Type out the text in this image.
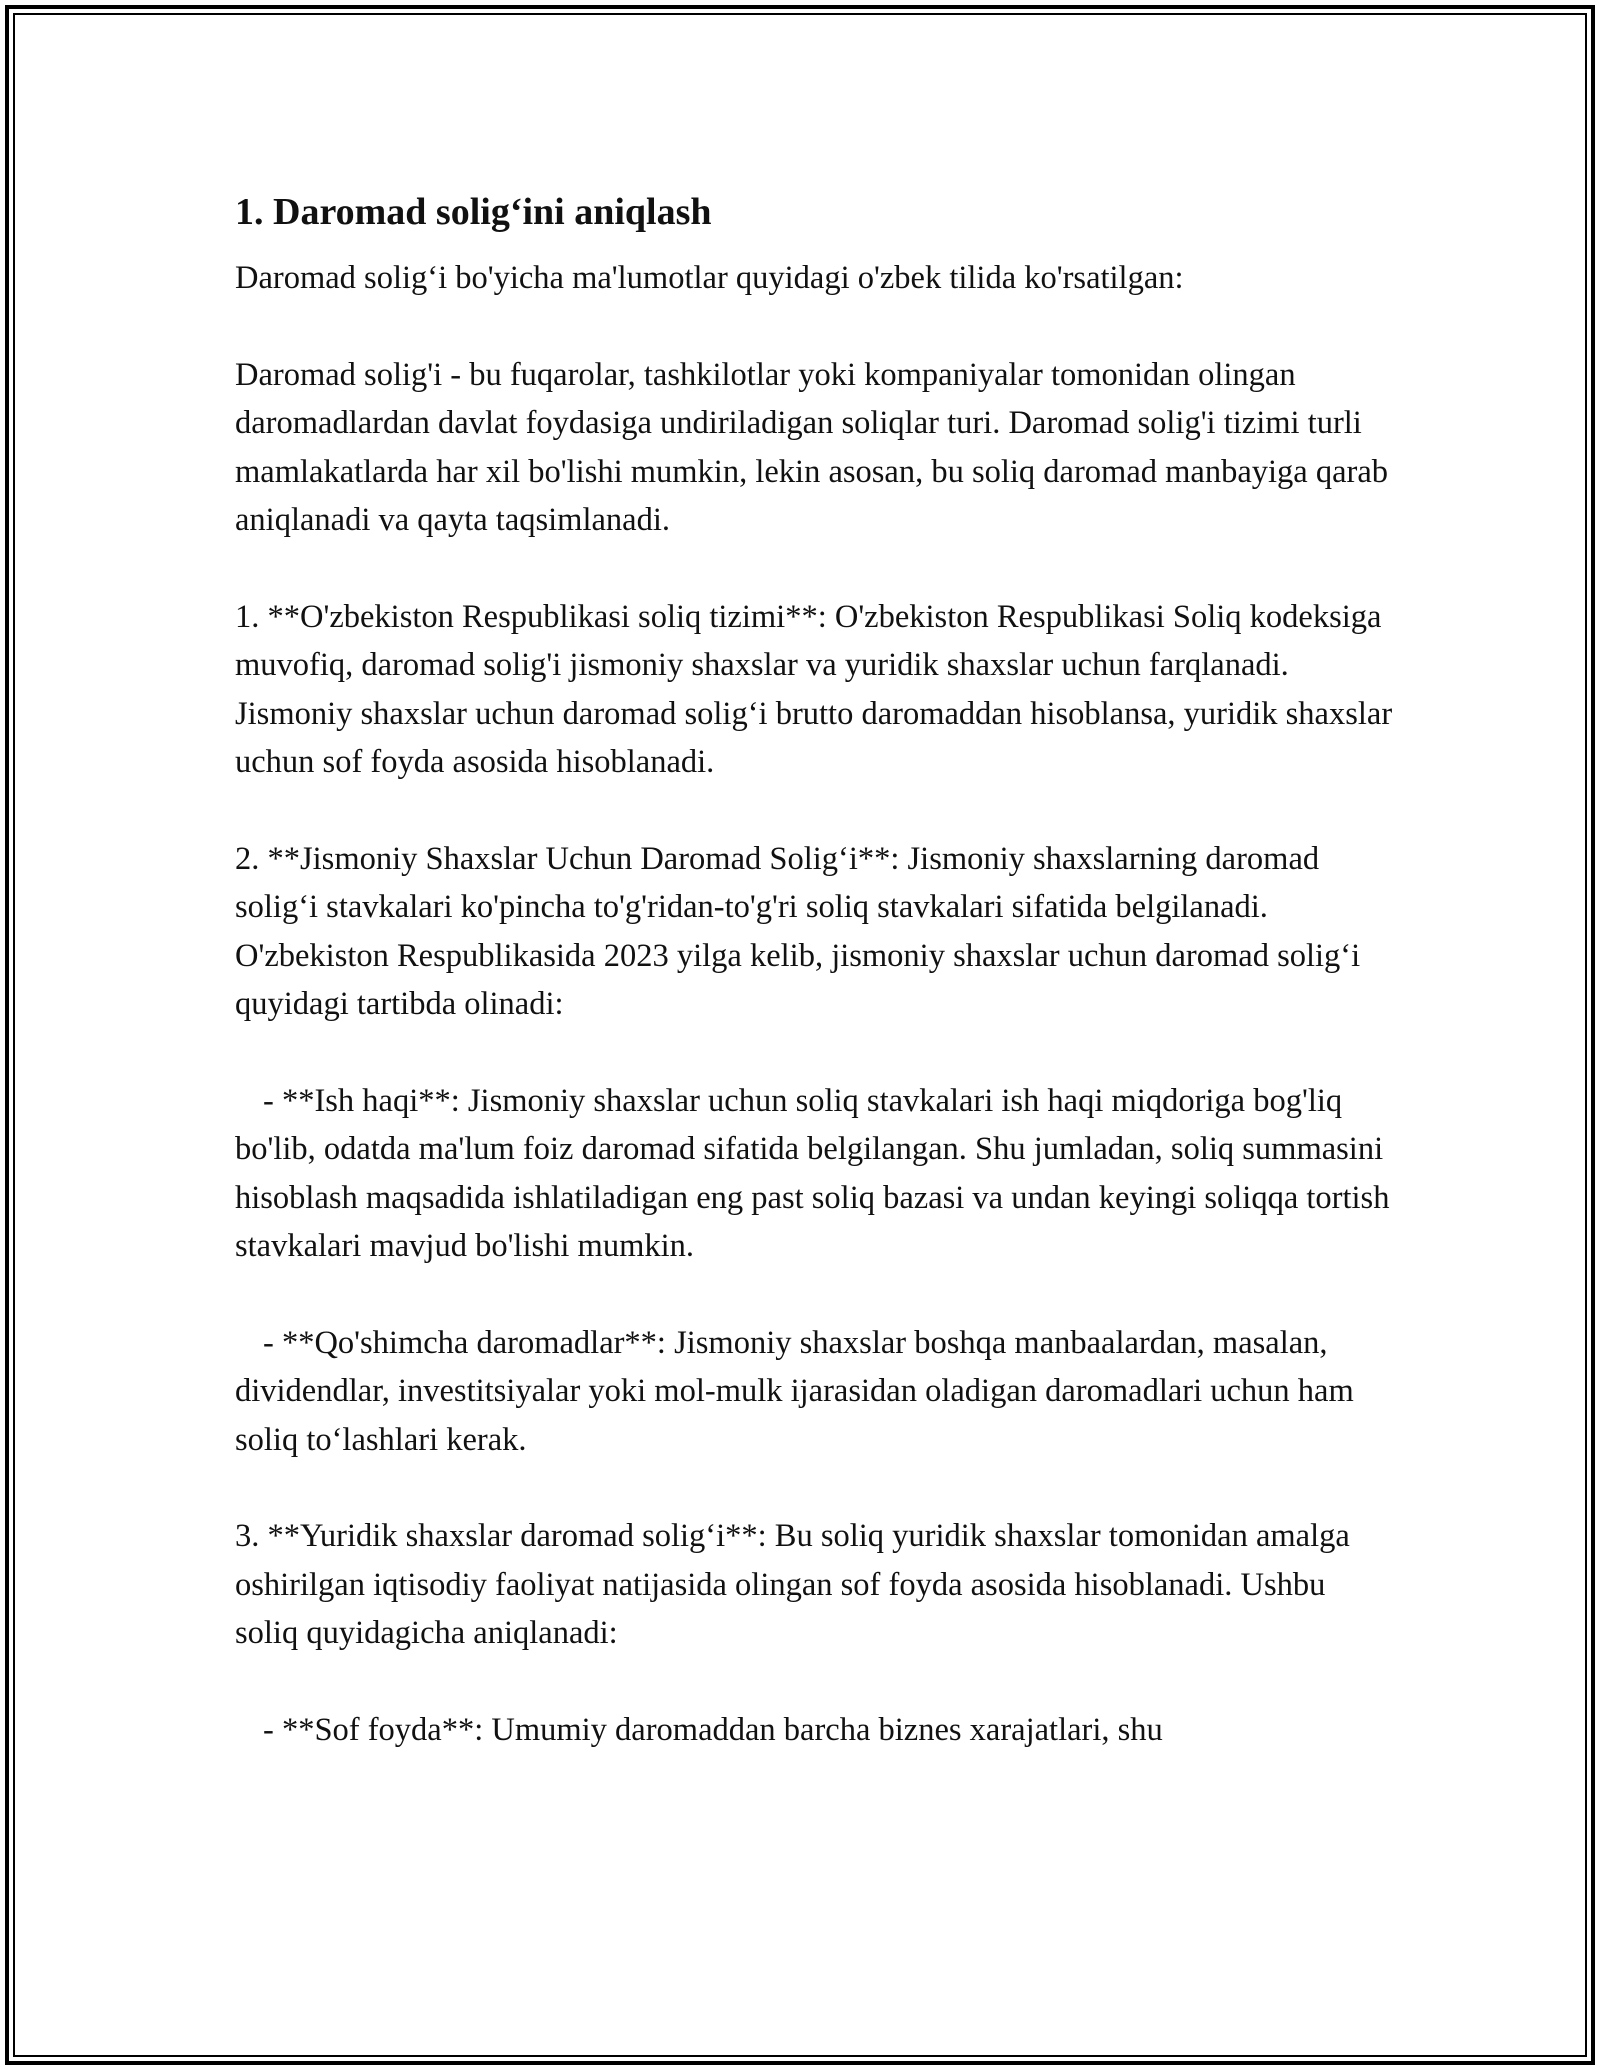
1. Daromad solig‘ini aniqlash

Daromad solig‘i bo'yicha ma'lumotlar quyidagi o'zbek tilida ko'rsatilgan:

Daromad solig'i - bu fuqarolar, tashkilotlar yoki kompaniyalar tomonidan olingan daromadlardan davlat foydasiga undiriladigan soliqlar turi. Daromad solig'i tizimi turli mamlakatlarda har xil bo'lishi mumkin, lekin asosan, bu soliq daromad manbayiga qarab aniqlanadi va qayta taqsimlanadi.

1. **O'zbekiston Respublikasi soliq tizimi**: O'zbekiston Respublikasi Soliq kodeksiga muvofiq, daromad solig'i jismoniy shaxslar va yuridik shaxslar uchun farqlanadi. Jismoniy shaxslar uchun daromad solig‘i brutto daromaddan hisoblansa, yuridik shaxslar uchun sof foyda asosida hisoblanadi.

2. **Jismoniy Shaxslar Uchun Daromad Solig‘i**: Jismoniy shaxslarning daromad solig‘i stavkalari ko'pincha to'g'ridan-to'g'ri soliq stavkalari sifatida belgilanadi. O'zbekiston Respublikasida 2023 yilga kelib, jismoniy shaxslar uchun daromad solig‘i quyidagi tartibda olinadi:

- **Ish haqi**: Jismoniy shaxslar uchun soliq stavkalari ish haqi miqdoriga bog'liq bo'lib, odatda ma'lum foiz daromad sifatida belgilangan. Shu jumladan, soliq summasini hisoblash maqsadida ishlatiladigan eng past soliq bazasi va undan keyingi soliqqa tortish stavkalari mavjud bo'lishi mumkin.

- **Qo'shimcha daromadlar**: Jismoniy shaxslar boshqa manbaalardan, masalan, dividendlar, investitsiyalar yoki mol-mulk ijarasidan oladigan daromadlari uchun ham soliq to‘lashlari kerak.

3. **Yuridik shaxslar daromad solig‘i**: Bu soliq yuridik shaxslar tomonidan amalga oshirilgan iqtisodiy faoliyat natijasida olingan sof foyda asosida hisoblanadi. Ushbu soliq quyidagicha aniqlanadi:

- **Sof foyda**: Umumiy daromaddan barcha biznes xarajatlari, shu
